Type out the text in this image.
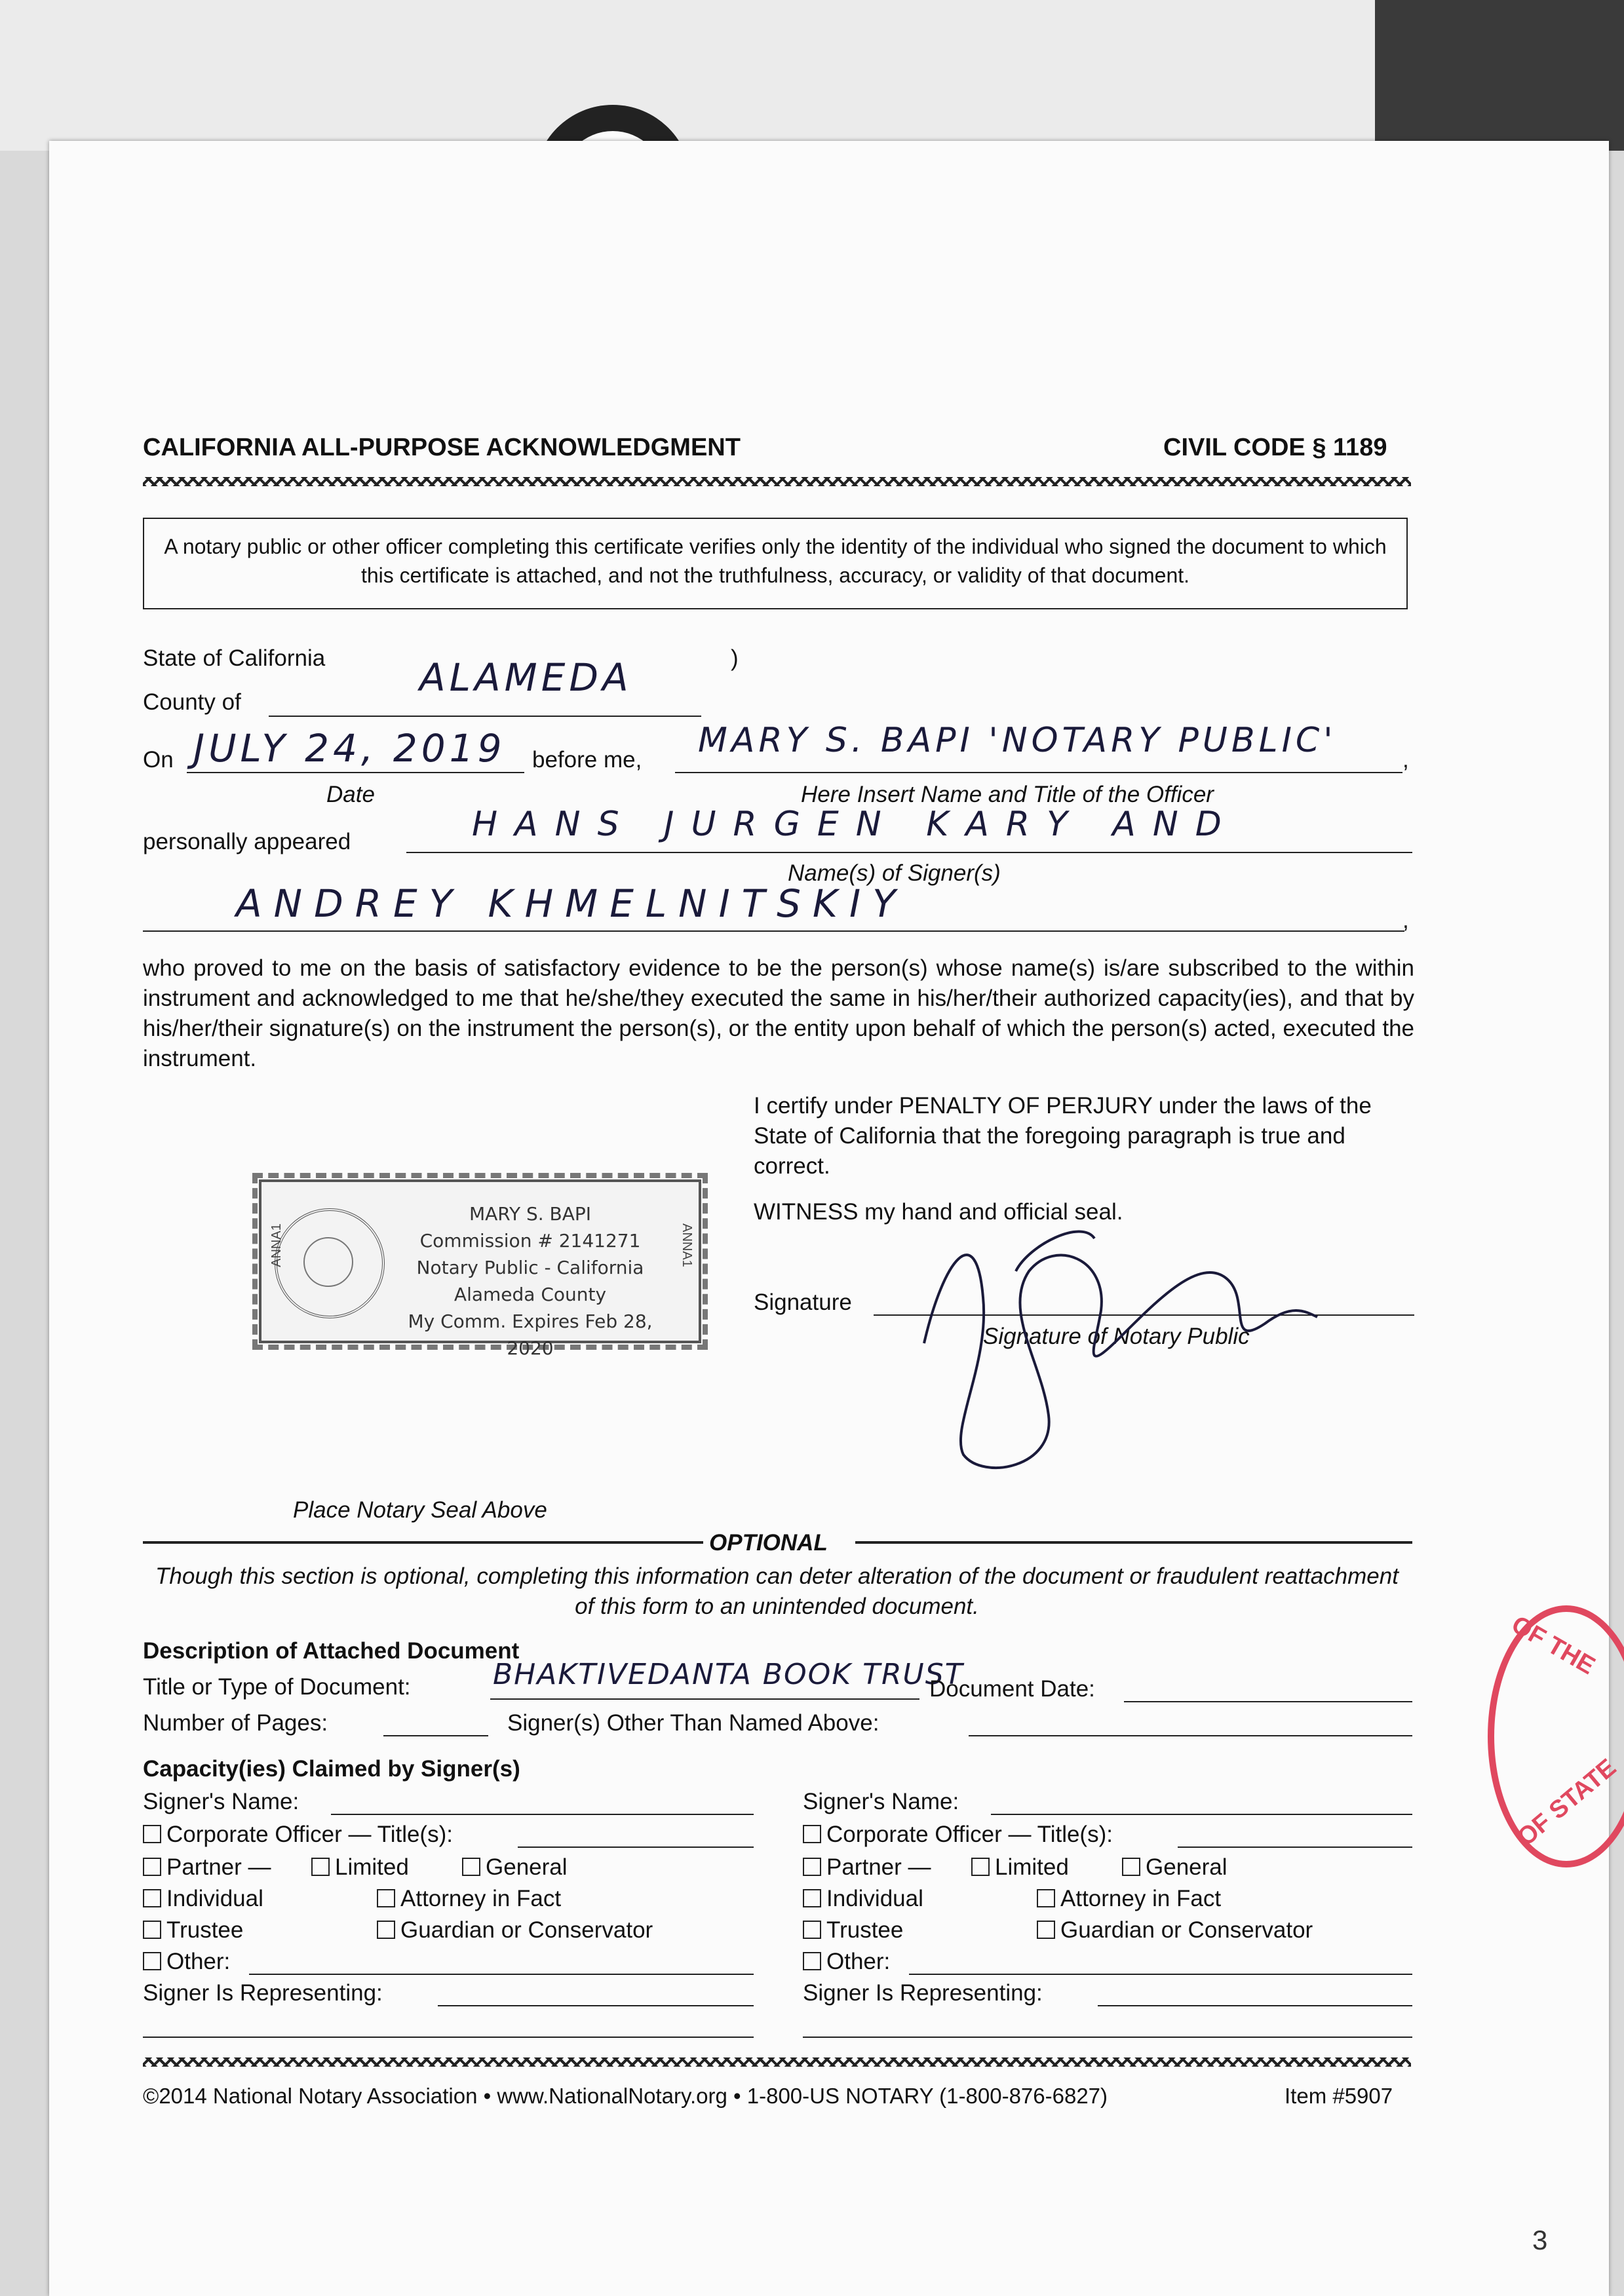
CALIFORNIA ALL-PURPOSE ACKNOWLEDGMENT	CIVIL CODE § 1189
A notary public or other officer completing this certificate verifies only the identity of the individual who signed the document to which this certificate is attached, and not the truthfulness, accuracy, or validity of that document.
State of California	)
County of
ALAMEDA
On JULY 24, 2019 before me, MARY S. BAPI 'NOTARY PUBLIC'	,
Date	Here Insert Name and Title of the Officer
personally appeared	HANS JURGEN KARY AND
Name(s) of Signer(s)
ANDREY KHMELNITSKIY	,
who proved to me on the basis of satisfactory evidence to be the person(s) whose name(s) is/are subscribed to the within instrument and acknowledged to me that he/she/they executed the same in his/her/their authorized capacity(ies), and that by his/her/their signature(s) on the instrument the person(s), or the entity upon behalf of which the person(s) acted, executed the instrument.
I certify under PENALTY OF PERJURY under the laws of the State of California that the foregoing paragraph is true and correct.
WITNESS my hand and official seal.
Signature
Signature of Notary Public
MARY S. BAPI
Commission # 2141271
Notary Public - California
Alameda County
My Comm. Expires Feb 28, 2020
ANNA1	ANNA1
Place Notary Seal Above
OPTIONAL
Though this section is optional, completing this information can deter alteration of the document or fraudulent reattachment of this form to an unintended document.
Description of Attached Document
Title or Type of Document:	BHAKTIVEDANTA BOOK TRUST
Document Date:
Number of Pages:	Signer(s) Other Than Named Above:
Capacity(ies) Claimed by Signer(s)
Signer's Name:
Corporate Officer — Title(s):
Partner —	Limited	General
Individual	Attorney in Fact
Trustee	Guardian or Conservator
Other:
Signer Is Representing:
Signer's Name:
Corporate Officer — Title(s):
Partner —	Limited	General
Individual	Attorney in Fact
Trustee	Guardian or Conservator
Other:
Signer Is Representing:
©2014 National Notary Association • www.NationalNotary.org • 1-800-US NOTARY (1-800-876-6827)	Item #5907
OF THE
OF STATE
3
